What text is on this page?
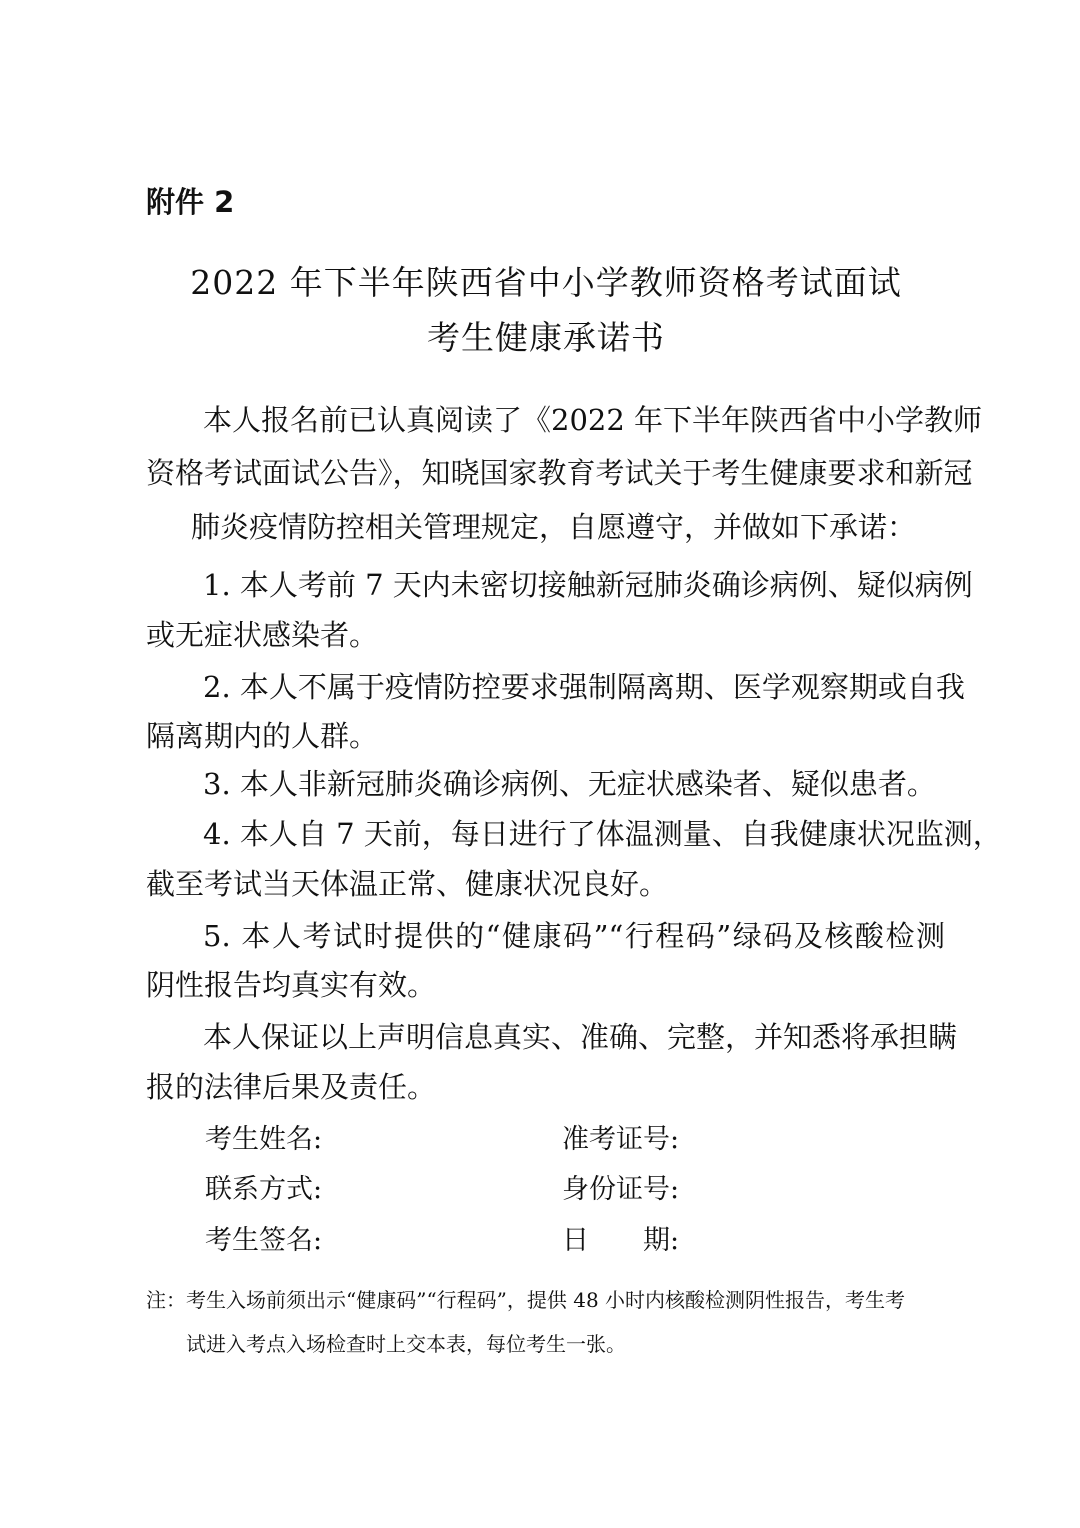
附件 2
2022 年下半年陕西省中小学教师资格考试面试
考生健康承诺书
本人报名前已认真阅读了《2022 年下半年陕西省中小学教师
资格考试面试公告》，知晓国家教育考试关于考生健康要求和新冠
肺炎疫情防控相关管理规定，自愿遵守，并做如下承诺：
1. 本人考前 7 天内未密切接触新冠肺炎确诊病例、疑似病例
或无症状感染者。
2. 本人不属于疫情防控要求强制隔离期、医学观察期或自我
隔离期内的人群。
3. 本人非新冠肺炎确诊病例、无症状感染者、疑似患者。
4. 本人自 7 天前，每日进行了体温测量、自我健康状况监测，
截至考试当天体温正常、健康状况良好。
5. 本人考试时提供的“健康码”“行程码”绿码及核酸检测
阴性报告均真实有效。
本人保证以上声明信息真实、准确、完整，并知悉将承担瞒
报的法律后果及责任。
考生姓名:	准考证号:
联系方式:	身份证号:
考生签名:	日　　期:
注：考生入场前须出示“健康码”“行程码”，提供 48 小时内核酸检测阴性报告，考生考
试进入考点入场检查时上交本表，每位考生一张。
